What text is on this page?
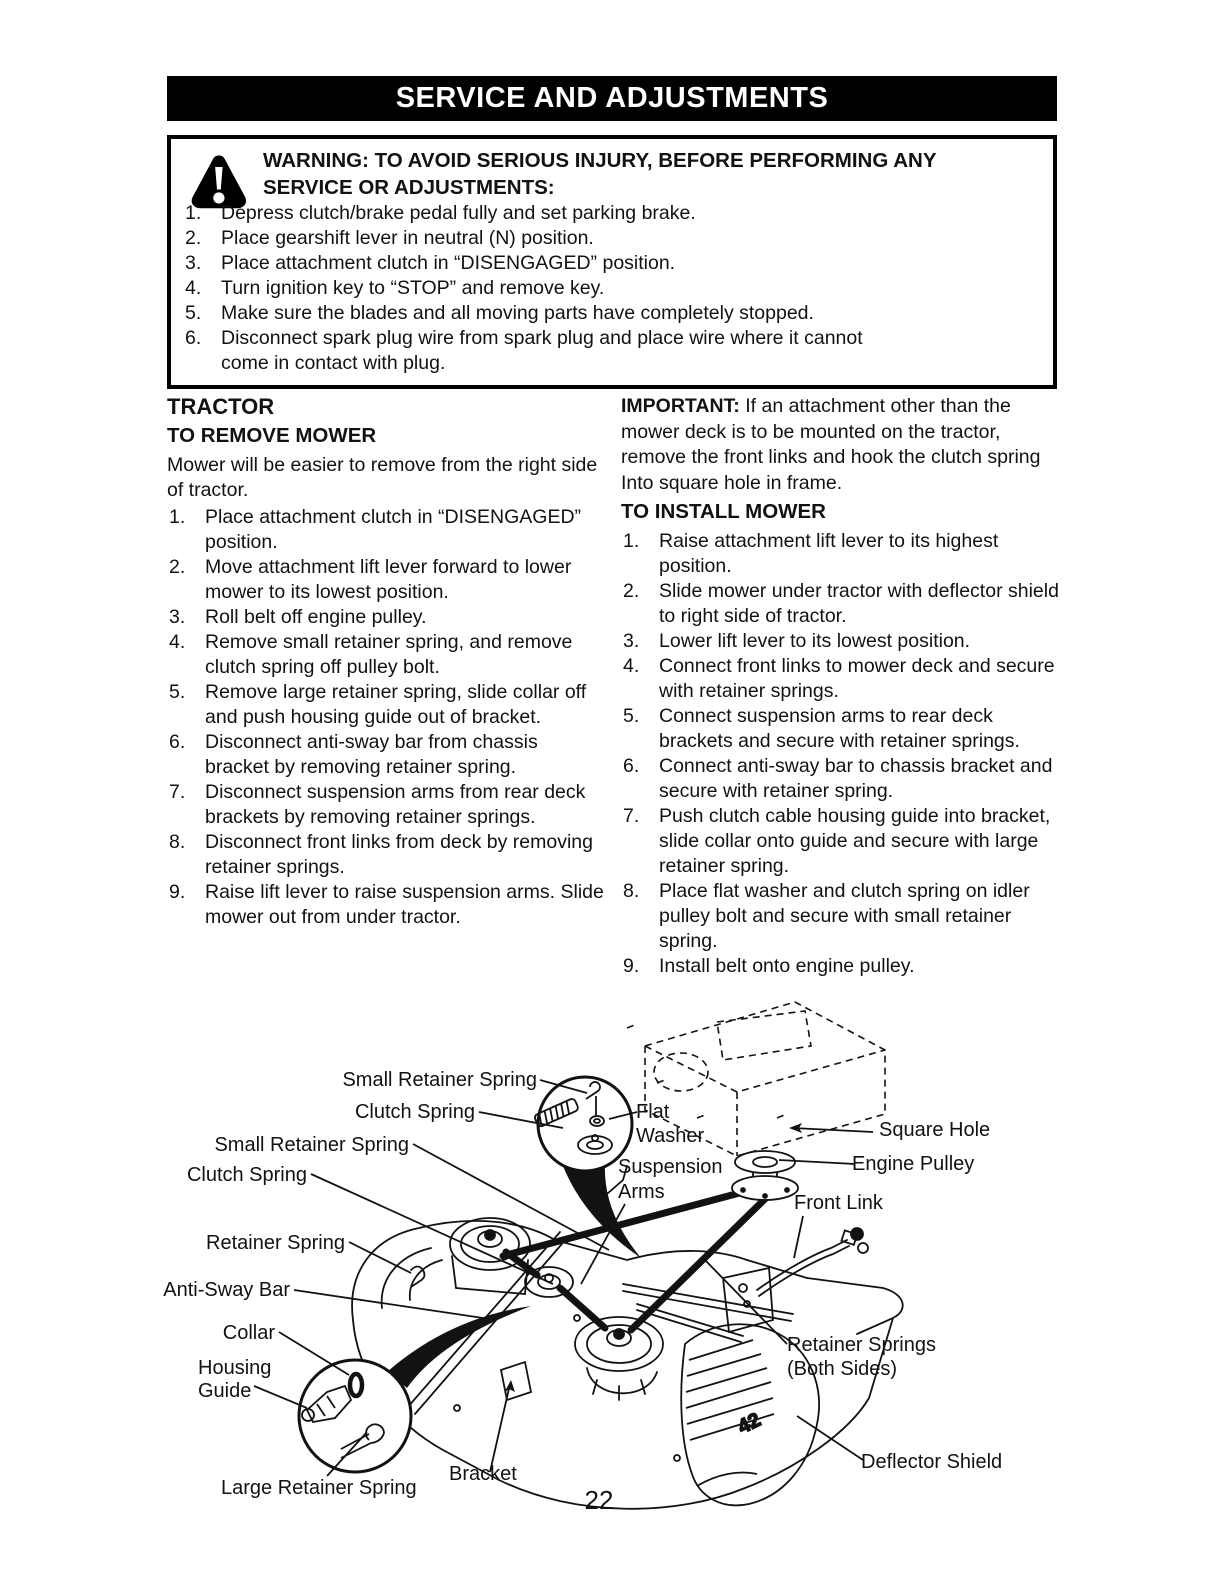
SERVICE AND ADJUSTMENTS
WARNING: TO AVOID SERIOUS INJURY, BEFORE PERFORMING ANY SERVICE OR ADJUSTMENTS:
Depress clutch/brake pedal fully and set parking brake.
Place gearshift lever in neutral (N) position.
Place attachment clutch in “DISENGAGED” position.
Turn ignition key to “STOP” and remove key.
Make sure the blades and all moving parts have completely stopped.
Disconnect spark plug wire from spark plug and place wire where it cannot come in contact with plug.
TRACTOR
TO REMOVE MOWER

Mower will be easier to remove from the right side of tractor.

Place attachment clutch in “DISENGAGED” position.
Move attachment lift lever forward to lower mower to its lowest position.
Roll belt off engine pulley.
Remove small retainer spring, and remove clutch spring off pulley bolt.
Remove large retainer spring, slide collar off and push housing guide out of bracket.
Disconnect anti-sway bar from chassis bracket by removing retainer spring.
Disconnect suspension arms from rear deck brackets by removing retainer springs.
Disconnect front links from deck by removing retainer springs.
Raise lift lever to raise suspension arms. Slide mower out from under tractor.

IMPORTANT: If an attachment other than the mower deck is to be mounted on the tractor, remove the front links and hook the clutch spring Into square hole in frame.

TO INSTALL MOWER
Raise attachment lift lever to its highest position.
Slide mower under tractor with deflector shield to right side of tractor.
Lower lift lever to its lowest position.
Connect front links to mower deck and secure with retainer springs.
Connect suspension arms to rear deck brackets and secure with retainer springs.
Connect anti-sway bar to chassis bracket and secure with retainer spring.
Push clutch cable housing guide into bracket, slide collar onto guide and secure with large retainer spring.
Place flat washer and clutch spring on idler pulley bolt and secure with small retainer spring.
Install belt onto engine pulley.
42
Small Retainer Spring
Clutch Spring	Flat
Washer	Square Hole
Small Retainer Spring
Clutch Spring	Suspension
Arms
Engine Pulley
Front Link
Retainer Spring
Anti-Sway Bar
Collar
Housing
Guide
Retainer Springs
(Both Sides)
Deflector Shield
Large Retainer Spring
Bracket
22
